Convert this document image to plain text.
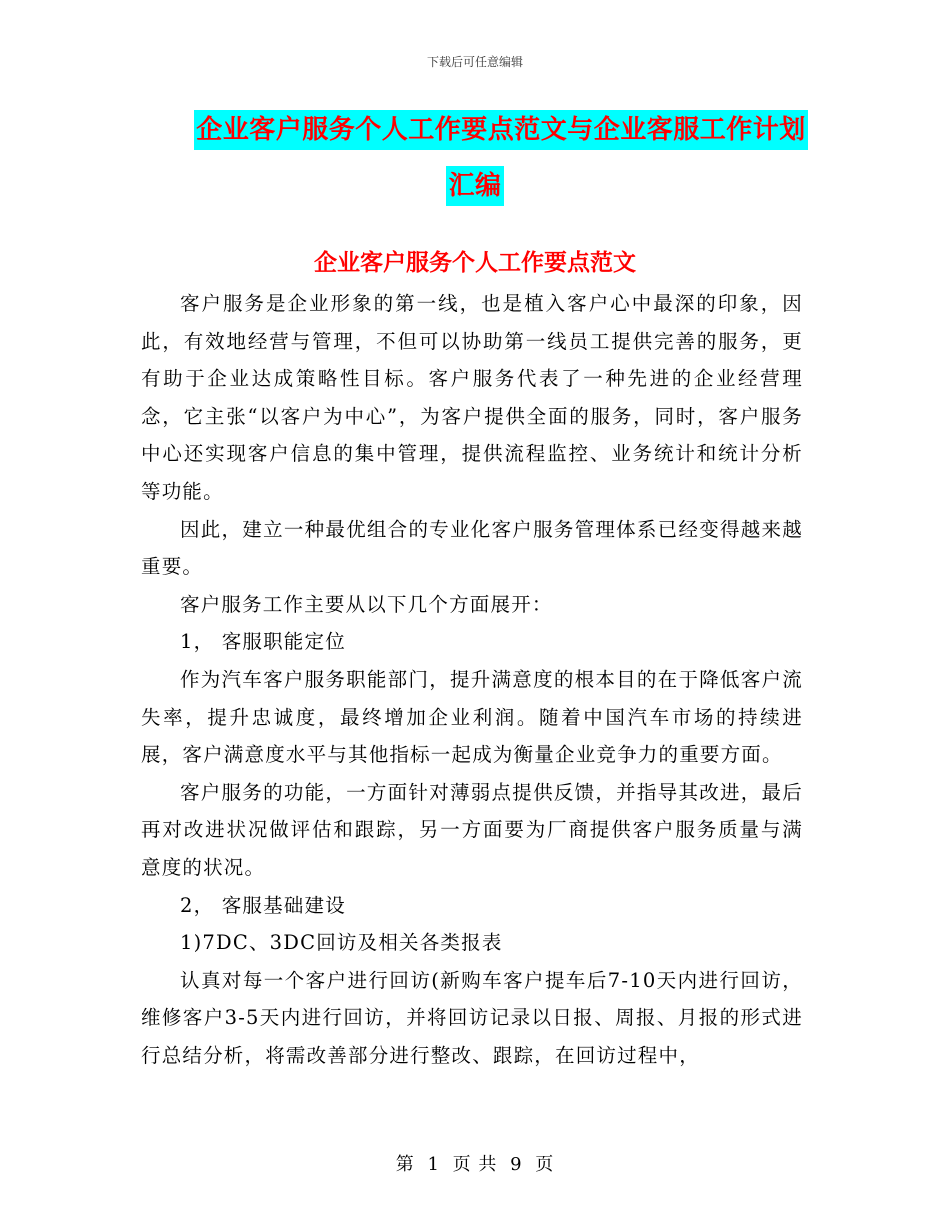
下载后可任意编辑
企业客户服务个人工作要点范文与企业客服工作计划
汇编
企业客户服务个人工作要点范文

客户服务是企业形象的第一线，也是植入客户心中最深的印象，因此，有效地经营与管理，不但可以协助第一线员工提供完善的服务，更有助于企业达成策略性目标。客户服务代表了一种先进的企业经营理念，它主张“以客户为中心”，为客户提供全面的服务，同时，客户服务中心还实现客户信息的集中管理，提供流程监控、业务统计和统计分析等功能。

因此，建立一种最优组合的专业化客户服务管理体系已经变得越来越重要。

客户服务工作主要从以下几个方面展开：

1， 客服职能定位

作为汽车客户服务职能部门，提升满意度的根本目的在于降低客户流失率，提升忠诚度，最终增加企业利润。随着中国汽车市场的持续进展，客户满意度水平与其他指标一起成为衡量企业竞争力的重要方面。

客户服务的功能，一方面针对薄弱点提供反馈，并指导其改进，最后再对改进状况做评估和跟踪，另一方面要为厂商提供客户服务质量与满意度的状况。

2， 客服基础建设

1)7DC、3DC回访及相关各类报表

认真对每一个客户进行回访(新购车客户提车后7-10天内进行回访，维修客户3-5天内进行回访，并将回访记录以日报、周报、月报的形式进行总结分析，将需改善部分进行整改、跟踪，在回访过程中，

第 1 页 共 9 页
